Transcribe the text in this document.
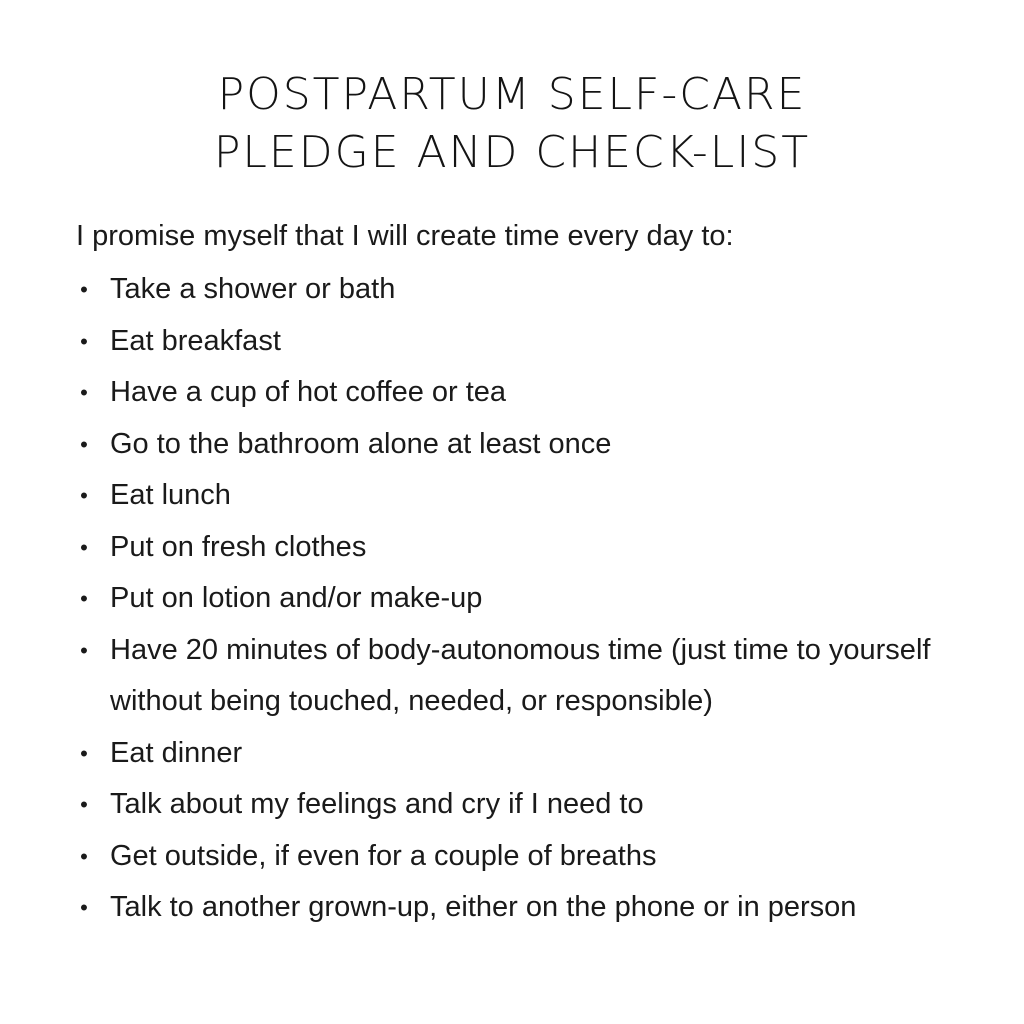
POSTPARTUM SELF-CARE
PLEDGE AND CHECK-LIST

I promise myself that I will create time every day to:

• Take a shower or bath
• Eat breakfast
• Have a cup of hot coffee or tea
• Go to the bathroom alone at least once
• Eat lunch
• Put on fresh clothes
• Put on lotion and/or make-up
• Have 20 minutes of body-autonomous time (just time to yourself without being touched, needed, or responsible)
• Eat dinner
• Talk about my feelings and cry if I need to
• Get outside, if even for a couple of breaths
• Talk to another grown-up, either on the phone or in person
